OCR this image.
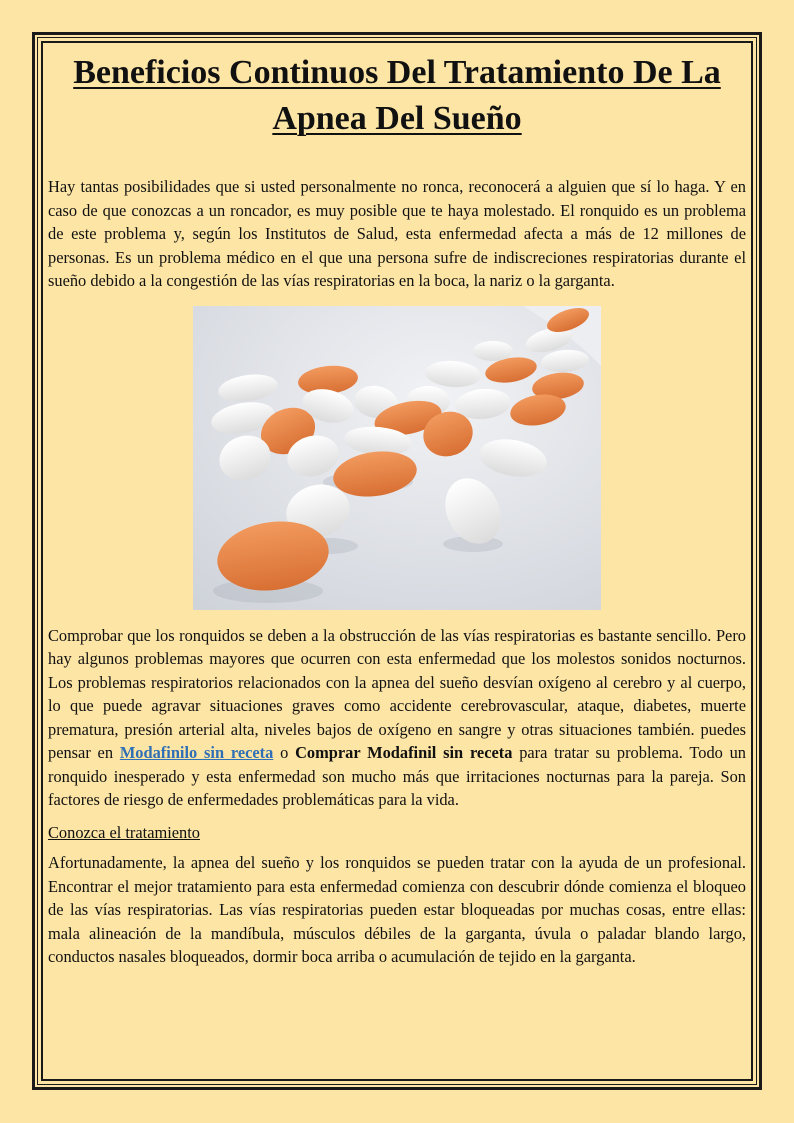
Beneficios Continuos Del Tratamiento De La Apnea Del Sueño

Hay tantas posibilidades que si usted personalmente no ronca, reconocerá a alguien que sí lo haga. Y en caso de que conozcas a un roncador, es muy posible que te haya molestado. El ronquido es un problema de este problema y, según los Institutos de Salud, esta enfermedad afecta a más de 12 millones de personas. Es un problema médico en el que una persona sufre de indiscreciones respiratorias durante el sueño debido a la congestión de las vías respiratorias en la boca, la nariz o la garganta.

Comprobar que los ronquidos se deben a la obstrucción de las vías respiratorias es bastante sencillo. Pero hay algunos problemas mayores que ocurren con esta enfermedad que los molestos sonidos nocturnos. Los problemas respiratorios relacionados con la apnea del sueño desvían oxígeno al cerebro y al cuerpo, lo que puede agravar situaciones graves como accidente cerebrovascular, ataque, diabetes, muerte prematura, presión arterial alta, niveles bajos de oxígeno en sangre y otras situaciones también. puedes pensar en Modafinilo sin receta o Comprar Modafinil sin receta para tratar su problema. Todo un ronquido inesperado y esta enfermedad son mucho más que irritaciones nocturnas para la pareja. Son factores de riesgo de enfermedades problemáticas para la vida.

Conozca el tratamiento

Afortunadamente, la apnea del sueño y los ronquidos se pueden tratar con la ayuda de un profesional. Encontrar el mejor tratamiento para esta enfermedad comienza con descubrir dónde comienza el bloqueo de las vías respiratorias. Las vías respiratorias pueden estar bloqueadas por muchas cosas, entre ellas: mala alineación de la mandíbula, músculos débiles de la garganta, úvula o paladar blando largo, conductos nasales bloqueados, dormir boca arriba o acumulación de tejido en la garganta.
